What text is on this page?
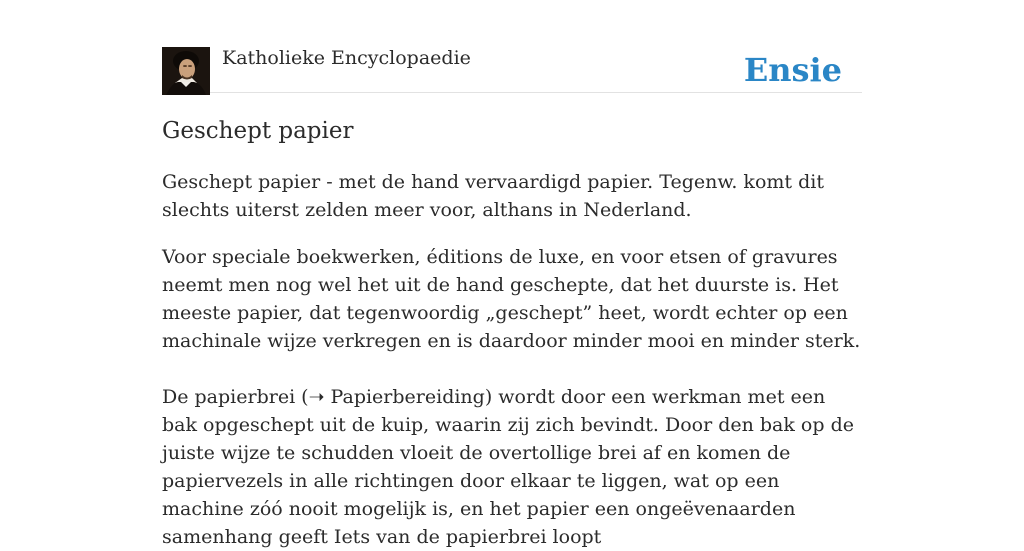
Katholieke Encyclopaedie	Ensie
Geschept papier

Geschept papier - met de hand vervaardigd papier. Tegenw. komt dit slechts uiterst zelden meer voor, althans in Nederland.

Voor speciale boekwerken, éditions de luxe, en voor etsen of gravures neemt men nog wel het uit de hand geschepte, dat het duurste is. Het meeste papier, dat tegenwoordig „geschept” heet, wordt echter op een machinale wijze verkregen en is daardoor minder mooi en minder sterk.

De papierbrei (➝ Papierbereiding) wordt door een werkman met een bak opgeschept uit de kuip, waarin zij zich bevindt. Door den bak op de juiste wijze te schudden vloeit de overtollige brei af en komen de papiervezels in alle richtingen door elkaar te liggen, wat op een machine zóó nooit mogelijk is, en het papier een ongeëvenaarden samenhang geeft Iets van de papierbrei loopt
